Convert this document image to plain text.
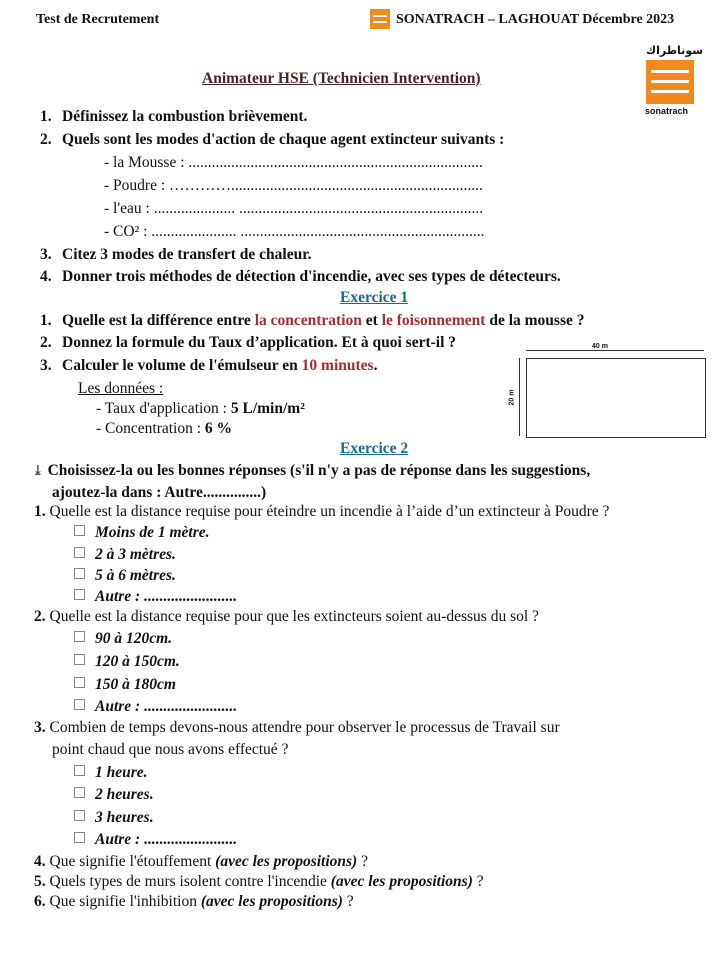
Test de Recrutement	SONATRACH – LAGHOUAT Décembre 2023
سوناطراك
sonatrach
Animateur HSE (Technicien Intervention)
1. Définissez la combustion brièvement.
2. Quels sont les modes d'action de chaque agent extincteur suivants :
- la Mousse : ............................................................................
- Poudre : ………….................................................................
- l'eau : ..................... ...............................................................
- CO² : ...................... ...............................................................
3. Citez 3 modes de transfert de chaleur.
4. Donner trois méthodes de détection d'incendie, avec ses types de détecteurs.
Exercice 1
1. Quelle est la différence entre la concentration et le foisonnement de la mousse ?
2. Donnez la formule du Taux d’application. Et à quoi sert-il ?
3. Calculer le volume de l'émulseur en 10 minutes.
Les données :
- Taux d'application : 5 L/min/m²
- Concentration : 6 %
40 m
20 m
Exercice 2
⤓ Choisissez-la ou les bonnes réponses (s'il n'y a pas de réponse dans les suggestions,
ajoutez-la dans : Autre...............)
1. Quelle est la distance requise pour éteindre un incendie à l’aide d’un extincteur à Poudre ?
Moins de 1 mètre.
2 à 3 mètres.
5 à 6 mètres.
Autre : ........................
2. Quelle est la distance requise pour que les extincteurs soient au-dessus du sol ?
90 à 120cm.
120 à 150cm.
150 à 180cm
Autre : ........................
3. Combien de temps devons-nous attendre pour observer le processus de Travail sur
point chaud que nous avons effectué ?
1 heure.
2 heures.
3 heures.
Autre : ........................
4. Que signifie l'étouffement (avec les propositions) ?
5. Quels types de murs isolent contre l'incendie (avec les propositions) ?
6. Que signifie l'inhibition (avec les propositions) ?
